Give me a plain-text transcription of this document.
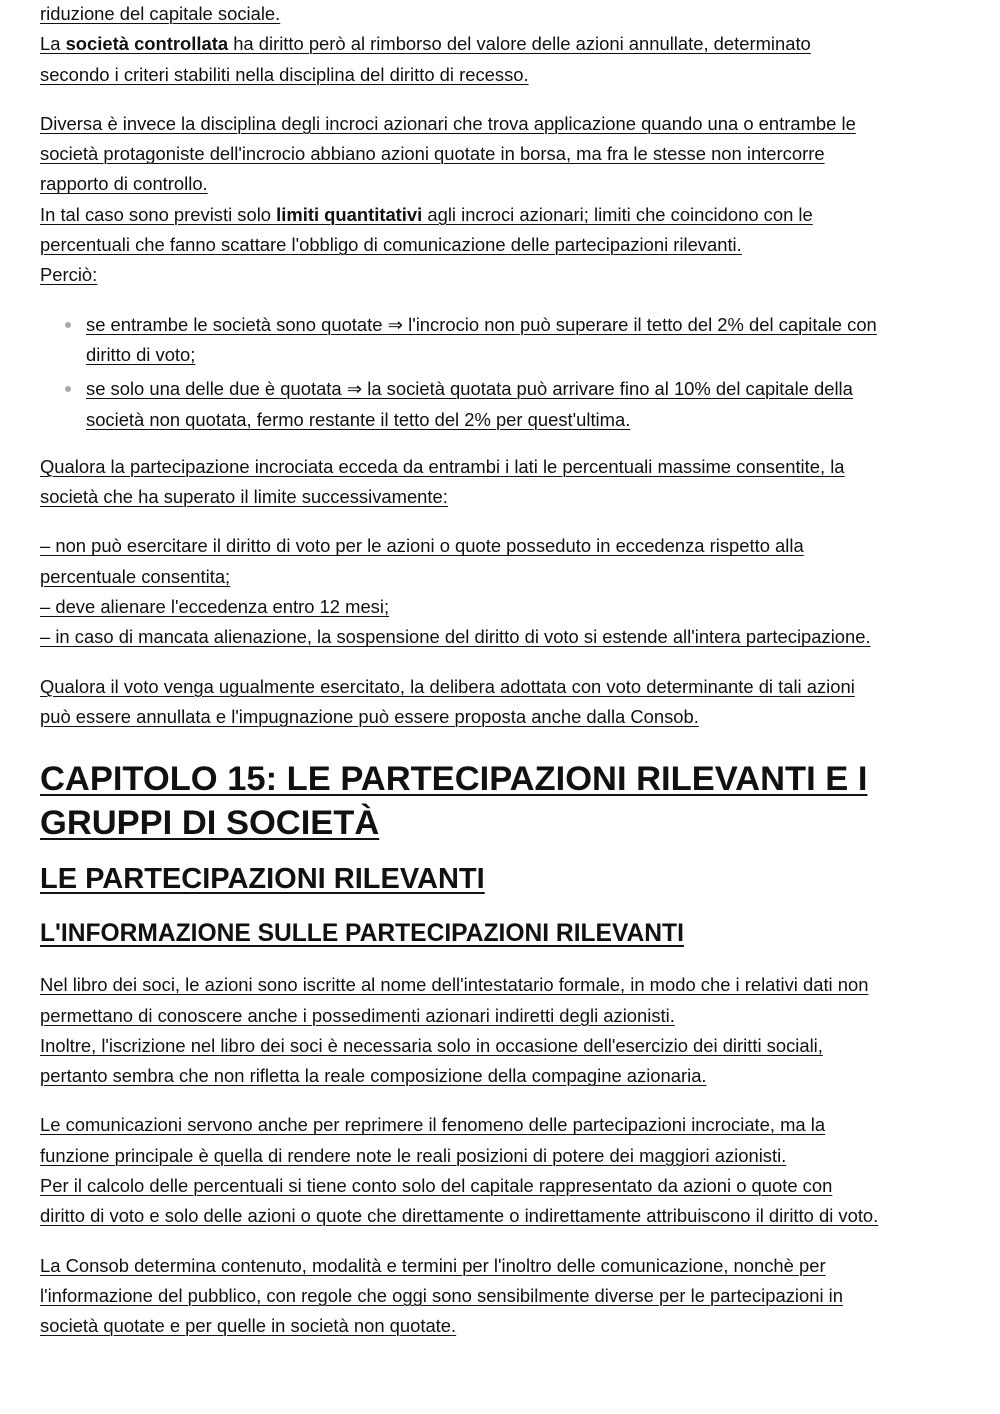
riduzione del capitale sociale.
La società controllata ha diritto però al rimborso del valore delle azioni annullate, determinato
secondo i criteri stabiliti nella disciplina del diritto di recesso.

Diversa è invece la disciplina degli incroci azionari che trova applicazione quando una o entrambe le
società protagoniste dell'incrocio abbiano azioni quotate in borsa, ma fra le stesse non intercorre
rapporto di controllo.
In tal caso sono previsti solo limiti quantitativi agli incroci azionari; limiti che coincidono con le
percentuali che fanno scattare l'obbligo di comunicazione delle partecipazioni rilevanti.
Perciò:

se entrambe le società sono quotate ⇒ l'incrocio non può superare il tetto del 2% del capitale con
diritto di voto;
se solo una delle due è quotata ⇒ la società quotata può arrivare fino al 10% del capitale della
società non quotata, fermo restante il tetto del 2% per quest'ultima.

Qualora la partecipazione incrociata ecceda da entrambi i lati le percentuali massime consentite, la
società che ha superato il limite successivamente:

– non può esercitare il diritto di voto per le azioni o quote posseduto in eccedenza rispetto alla
percentuale consentita;
– deve alienare l'eccedenza entro 12 mesi;
– in caso di mancata alienazione, la sospensione del diritto di voto si estende all'intera partecipazione.

Qualora il voto venga ugualmente esercitato, la delibera adottata con voto determinante di tali azioni
può essere annullata e l'impugnazione può essere proposta anche dalla Consob.

CAPITOLO 15: LE PARTECIPAZIONI RILEVANTI E I
GRUPPI DI SOCIETÀ
LE PARTECIPAZIONI RILEVANTI
L'INFORMAZIONE SULLE PARTECIPAZIONI RILEVANTI

Nel libro dei soci, le azioni sono iscritte al nome dell'intestatario formale, in modo che i relativi dati non
permettano di conoscere anche i possedimenti azionari indiretti degli azionisti.
Inoltre, l'iscrizione nel libro dei soci è necessaria solo in occasione dell'esercizio dei diritti sociali,
pertanto sembra che non rifletta la reale composizione della compagine azionaria.

Le comunicazioni servono anche per reprimere il fenomeno delle partecipazioni incrociate, ma la
funzione principale è quella di rendere note le reali posizioni di potere dei maggiori azionisti.
Per il calcolo delle percentuali si tiene conto solo del capitale rappresentato da azioni o quote con
diritto di voto e solo delle azioni o quote che direttamente o indirettamente attribuiscono il diritto di voto.

La Consob determina contenuto, modalità e termini per l'inoltro delle comunicazione, nonchè per
l'informazione del pubblico, con regole che oggi sono sensibilmente diverse per le partecipazioni in
società quotate e per quelle in società non quotate.
